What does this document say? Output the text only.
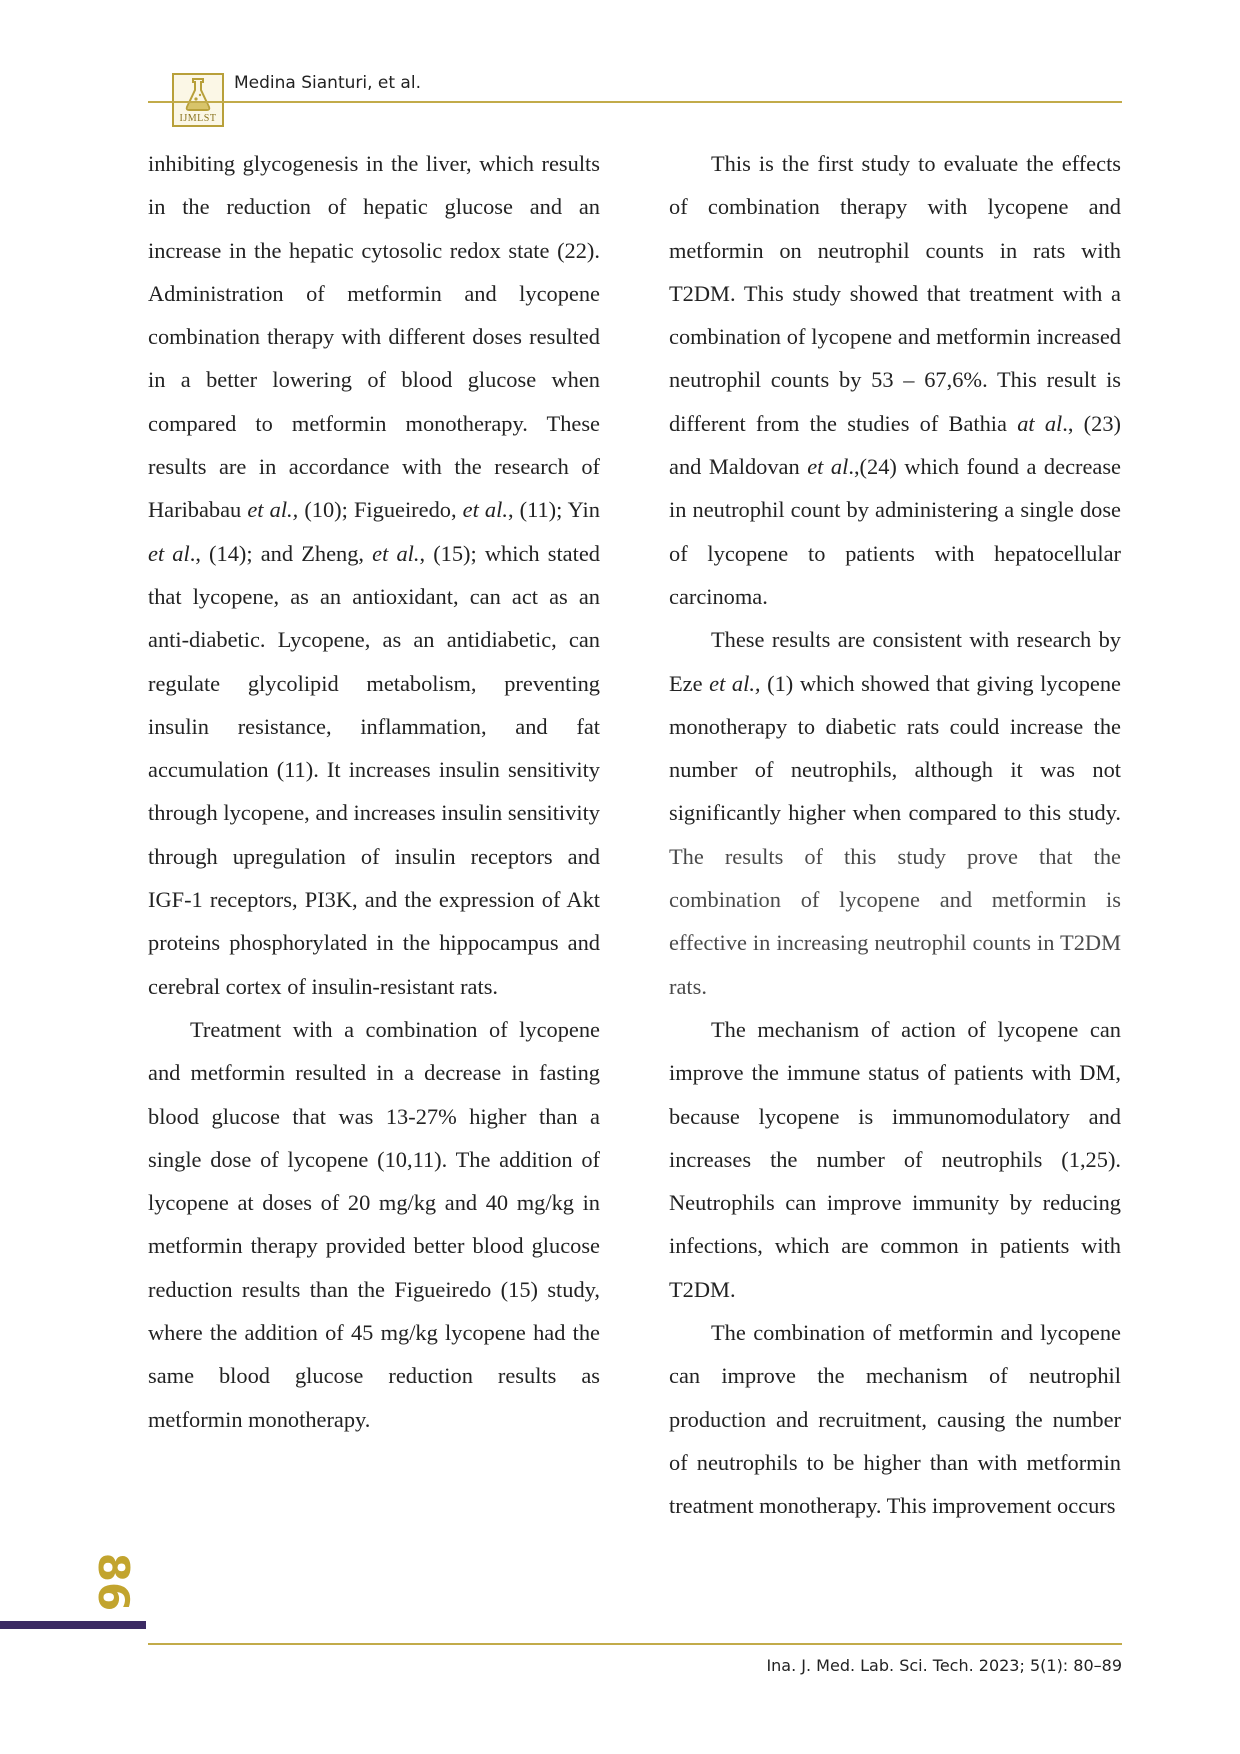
IJMLST
Medina Sianturi, et al.

inhibiting glycogenesis in the liver, which results in the reduction of hepatic glucose and an increase in the hepatic cytosolic redox state (22). Administration of metformin and lycopene combination therapy with different doses resulted in a better lowering of blood glucose when compared to metformin monotherapy. These results are in accordance with the research of Haribabau et al., (10); Figueiredo, et al., (11); Yin et al., (14); and Zheng, et al., (15); which stated that lycopene, as an antioxidant, can act as an anti-diabetic. Lycopene, as an antidiabetic, can regulate glycolipid metabolism, preventing insulin resistance, inflammation, and fat accumulation (11). It increases insulin sensitivity through lycopene, and increases insulin sensitivity through upregulation of insulin receptors and IGF-1 receptors, PI3K, and the expression of Akt proteins phosphorylated in the hippocampus and cerebral cortex of insulin-resistant rats.

Treatment with a combination of lycopene and metformin resulted in a decrease in fasting blood glucose that was 13-27% higher than a single dose of lycopene (10,11). The addition of lycopene at doses of 20 mg/kg and 40 mg/kg in metformin therapy provided better blood glucose reduction results than the Figueiredo (15) study, where the addition of 45 mg/kg lycopene had the same blood glucose reduction results as metformin monotherapy.

This is the first study to evaluate the effects of combination therapy with lycopene and metformin on neutrophil counts in rats with T2DM. This study showed that treatment with a combination of lycopene and metformin increased neutrophil counts by 53 – 67,6%. This result is different from the studies of Bathia at al., (23) and Maldovan et al.,(24) which found a decrease in neutrophil count by administering a single dose of lycopene to patients with hepatocellular carcinoma.

These results are consistent with research by Eze et al., (1) which showed that giving lycopene monotherapy to diabetic rats could increase the number of neutrophils, although it was not significantly higher when compared to this study. The results of this study prove that the combination of lycopene and metformin is effective in increasing neutrophil counts in T2DM rats.

The mechanism of action of lycopene can improve the immune status of patients with DM, because lycopene is immunomodulatory and increases the number of neutrophils (1,25). Neutrophils can improve immunity by reducing infections, which are common in patients with T2DM.

The combination of metformin and lycopene can improve the mechanism of neutrophil production and recruitment, causing the number of neutrophils to be higher than with metformin treatment monotherapy. This improvement occurs

86
Ina. J. Med. Lab. Sci. Tech. 2023; 5(1): 80–89
